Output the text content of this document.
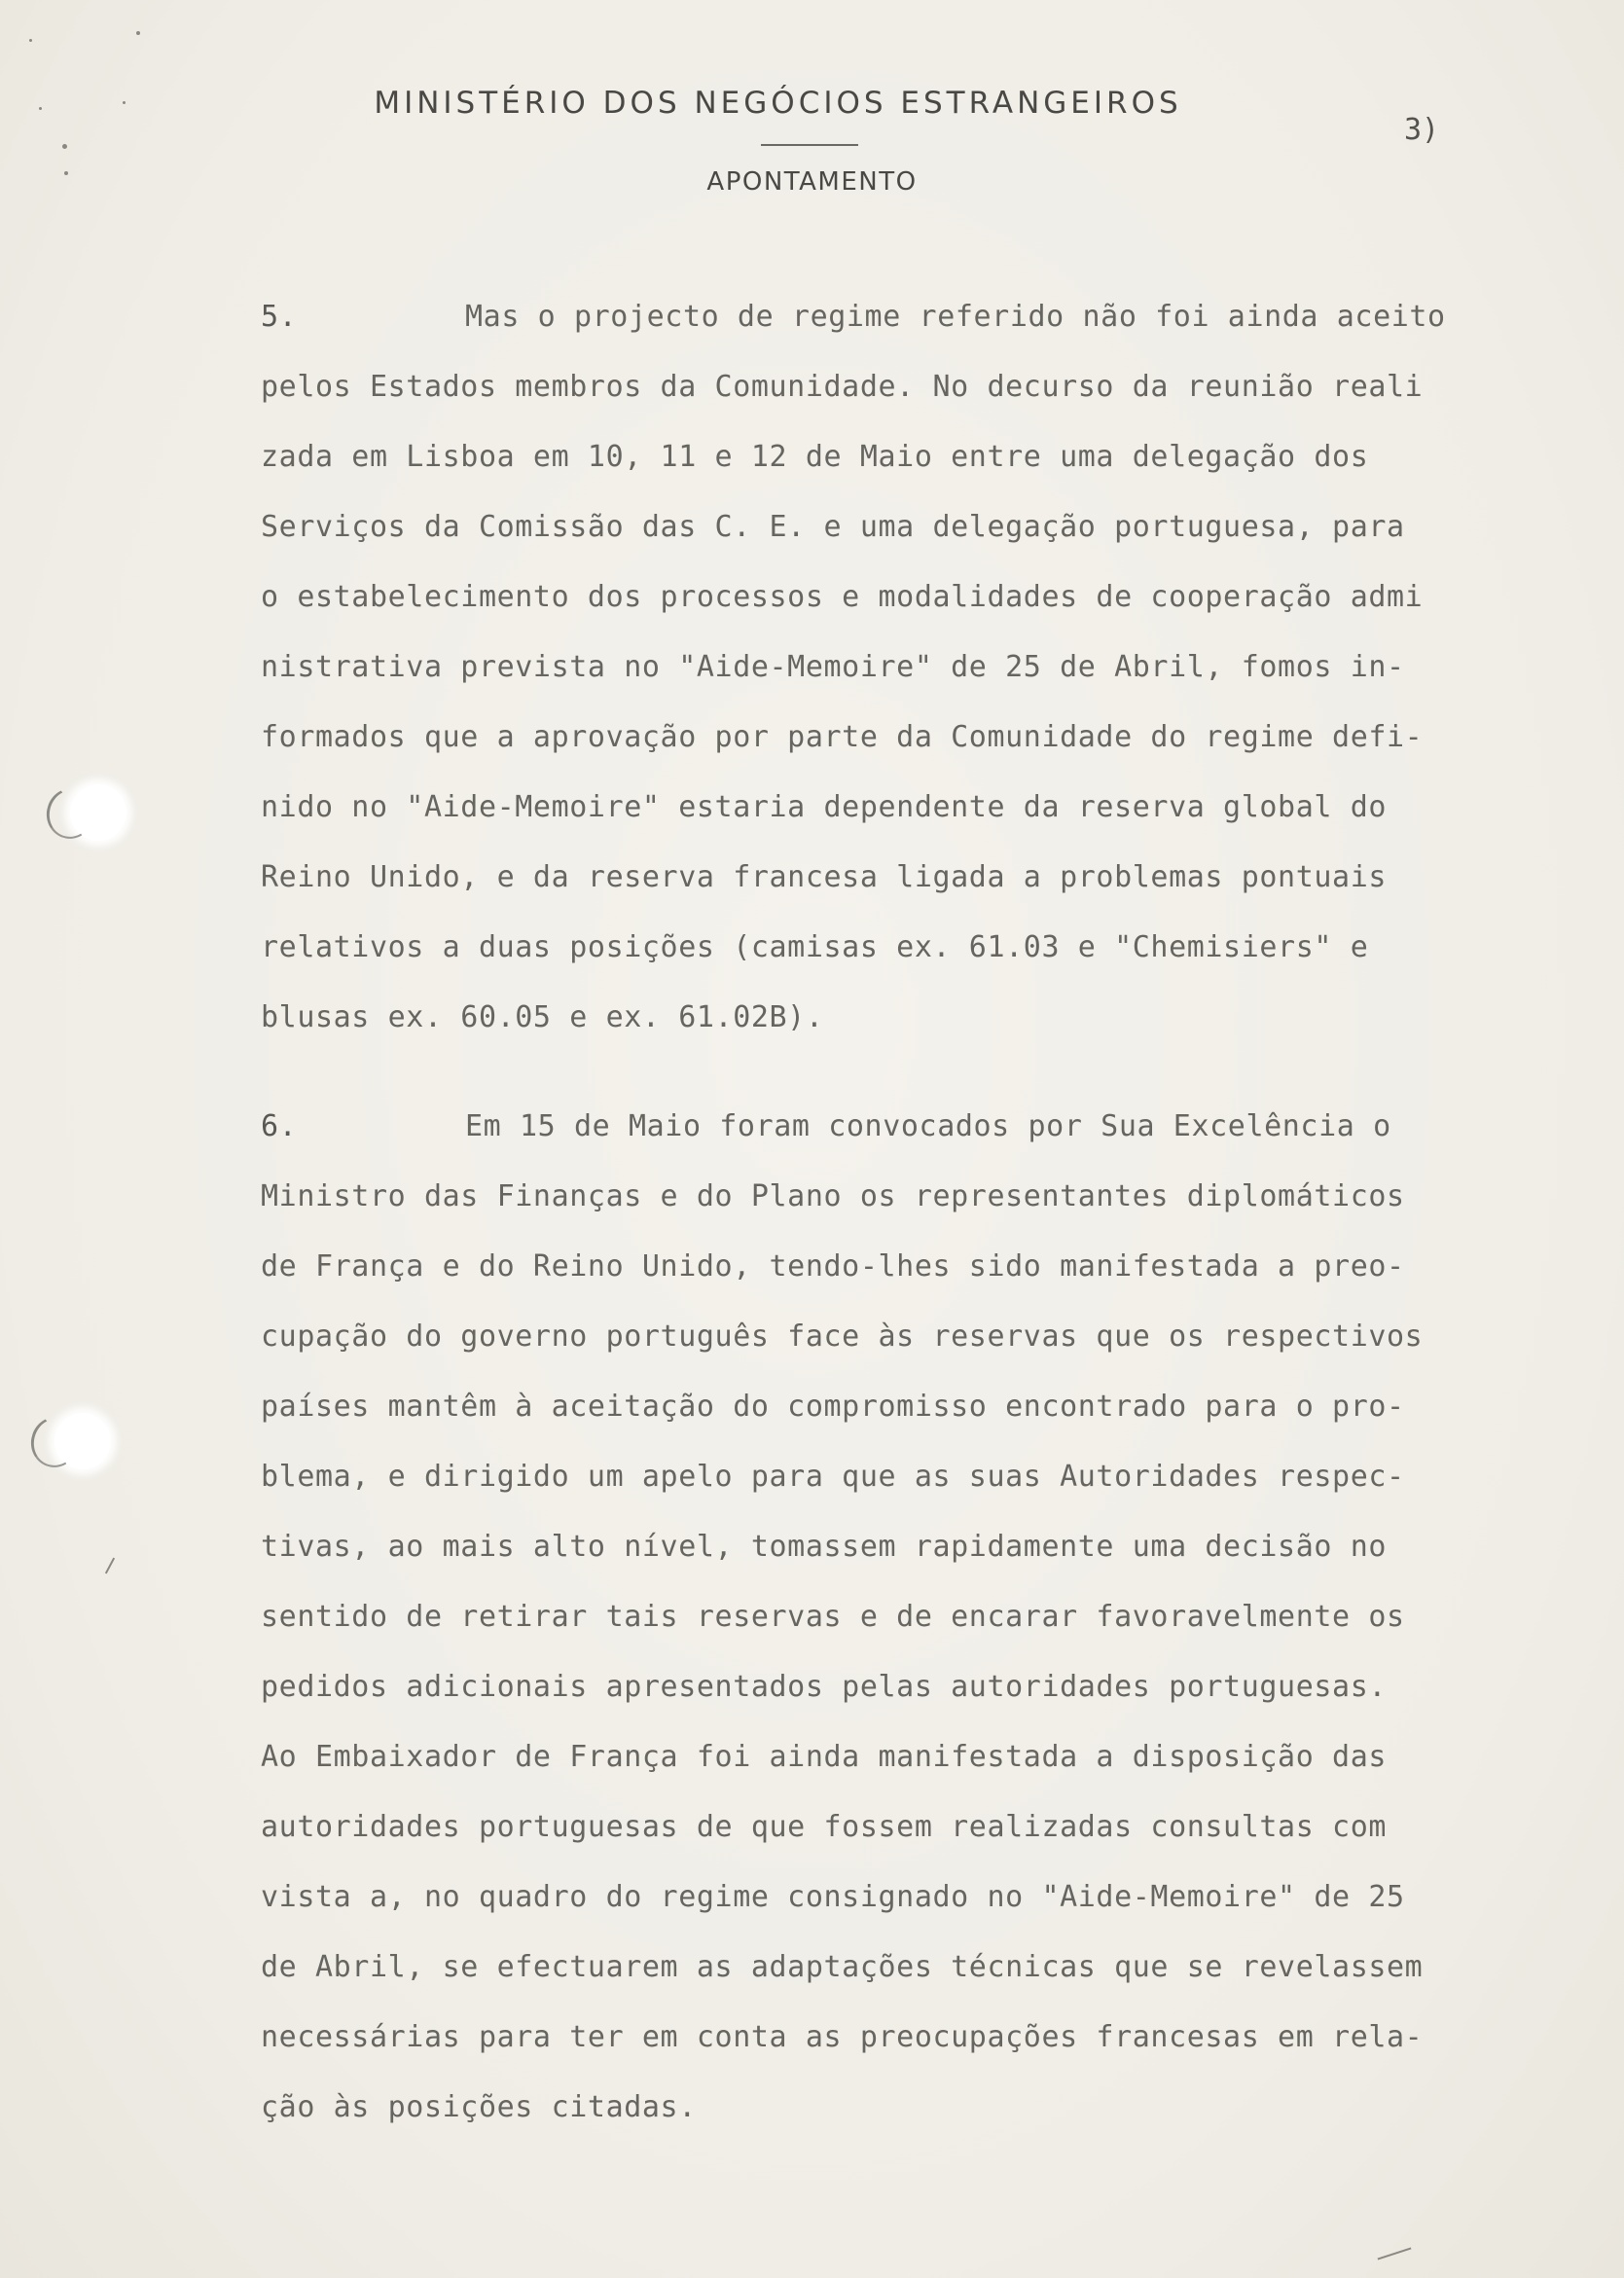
MINISTÉRIO DOS NEGÓCIOS ESTRANGEIROS
APONTAMENTO
3)
5.	Mas o projecto de regime referido não foi ainda aceito
pelos Estados membros da Comunidade. No decurso da reunião reali
zada em Lisboa em 10, 11 e 12 de Maio entre uma delegação dos
Serviços da Comissão das C. E. e uma delegação portuguesa, para
o estabelecimento dos processos e modalidades de cooperação admi
nistrativa prevista no "Aide-Memoire" de 25 de Abril, fomos in-
formados que a aprovação por parte da Comunidade do regime defi-
nido no "Aide-Memoire" estaria dependente da reserva global do
Reino Unido, e da reserva francesa ligada a problemas pontuais
relativos a duas posições (camisas ex. 61.03 e "Chemisiers" e
blusas ex. 60.05 e ex. 61.02B).
6.	Em 15 de Maio foram convocados por Sua Excelência o
Ministro das Finanças e do Plano os representantes diplomáticos
de França e do Reino Unido, tendo-lhes sido manifestada a preo-
cupação do governo português face às reservas que os respectivos
países mantêm à aceitação do compromisso encontrado para o pro-
blema, e dirigido um apelo para que as suas Autoridades respec-
tivas, ao mais alto nível, tomassem rapidamente uma decisão no
sentido de retirar tais reservas e de encarar favoravelmente os
pedidos adicionais apresentados pelas autoridades portuguesas.
Ao Embaixador de França foi ainda manifestada a disposição das
autoridades portuguesas de que fossem realizadas consultas com
vista a, no quadro do regime consignado no "Aide-Memoire" de 25
de Abril, se efectuarem as adaptações técnicas que se revelassem
necessárias para ter em conta as preocupações francesas em rela-
ção às posições citadas.
